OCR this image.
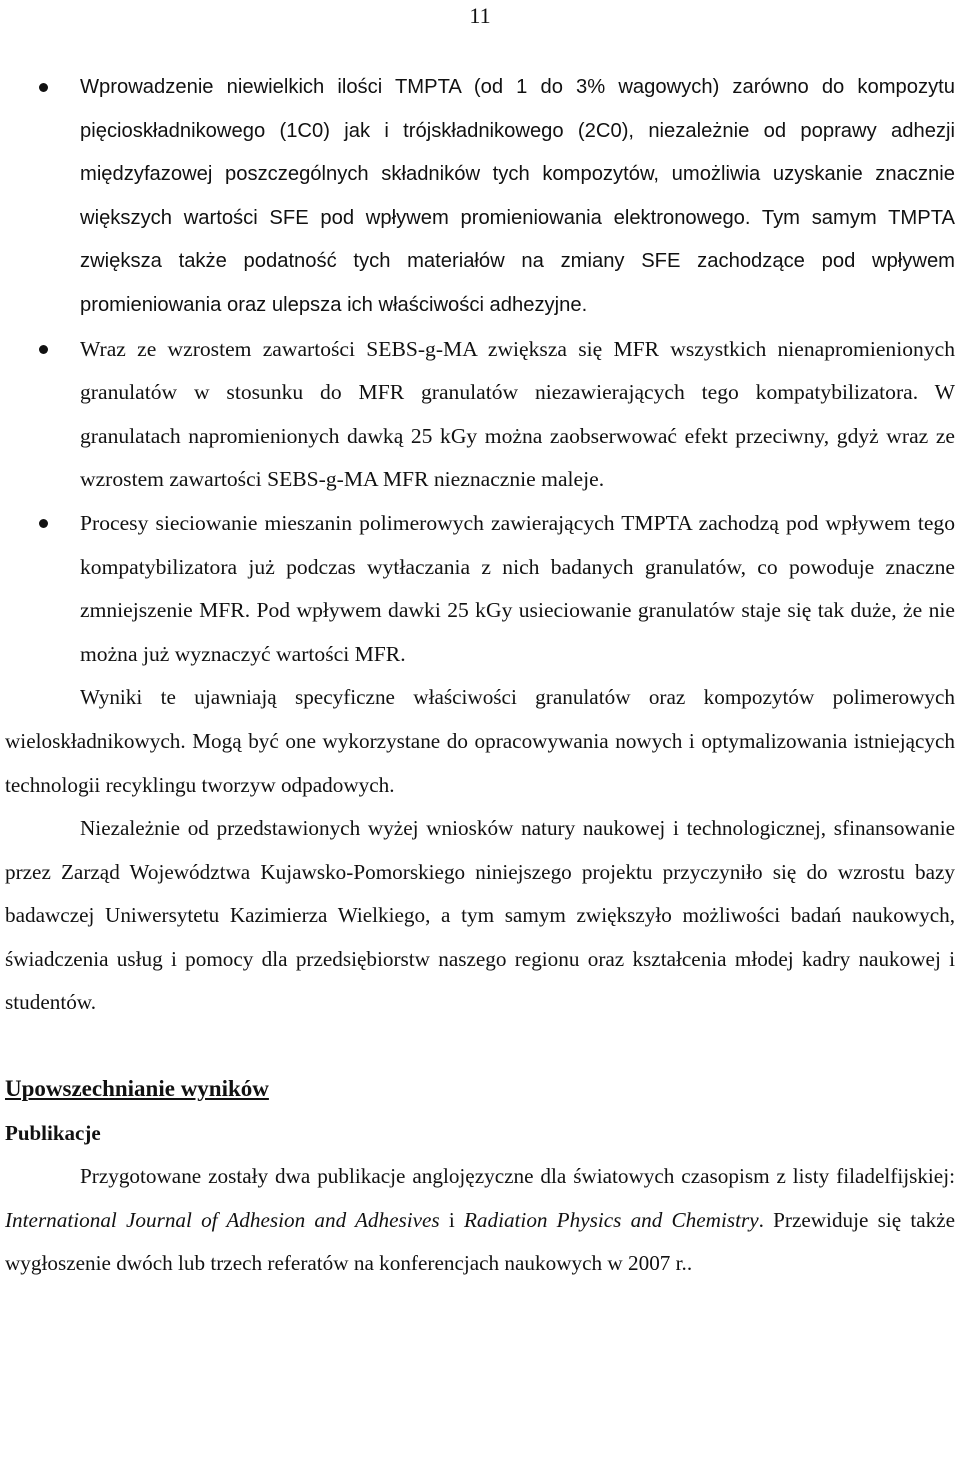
11
Wprowadzenie niewielkich ilości TMPTA (od 1 do 3% wagowych) zarówno do kompozytu pięcioskładnikowego (1C0) jak i trójskładnikowego (2C0), niezależnie od poprawy adhezji międzyfazowej poszczególnych składników tych kompozytów, umożliwia uzyskanie znacznie większych wartości SFE pod wpływem promieniowania elektronowego. Tym samym TMPTA zwiększa także podatność tych materiałów na zmiany SFE zachodzące pod wpływem promieniowania oraz ulepsza ich właściwości adhezyjne.
Wraz ze wzrostem zawartości SEBS-g-MA zwiększa się MFR wszystkich nienapromienionych granulatów w stosunku do MFR granulatów niezawierających tego kompatybilizatora. W granulatach napromienionych dawką 25 kGy można zaobserwować efekt przeciwny, gdyż wraz ze wzrostem zawartości SEBS-g-MA MFR nieznacznie maleje.
Procesy sieciowanie mieszanin polimerowych zawierających TMPTA zachodzą pod wpływem tego kompatybilizatora już podczas wytłaczania z nich badanych granulatów, co powoduje znaczne zmniejszenie MFR. Pod wpływem dawki 25 kGy usieciowanie granulatów staje się tak duże, że nie można już wyznaczyć wartości MFR.

Wyniki te ujawniają specyficzne właściwości granulatów oraz kompozytów polimerowych wieloskładnikowych. Mogą być one wykorzystane do opracowywania nowych i optymalizowania istniejących technologii recyklingu tworzyw odpadowych.

Niezależnie od przedstawionych wyżej wniosków natury naukowej i technologicznej, sfinansowanie przez Zarząd Województwa Kujawsko-Pomorskiego niniejszego projektu przyczyniło się do wzrostu bazy badawczej Uniwersytetu Kazimierza Wielkiego, a tym samym zwiększyło możliwości badań naukowych, świadczenia usług i pomocy dla przedsiębiorstw naszego regionu oraz kształcenia młodej kadry naukowej i studentów.

Upowszechnianie wyników
Publikacje

Przygotowane zostały dwa publikacje anglojęzyczne dla światowych czasopism z listy filadelfijskiej: International Journal of Adhesion and Adhesives i Radiation Physics and Chemistry. Przewiduje się także wygłoszenie dwóch lub trzech referatów na konferencjach naukowych w 2007 r..
